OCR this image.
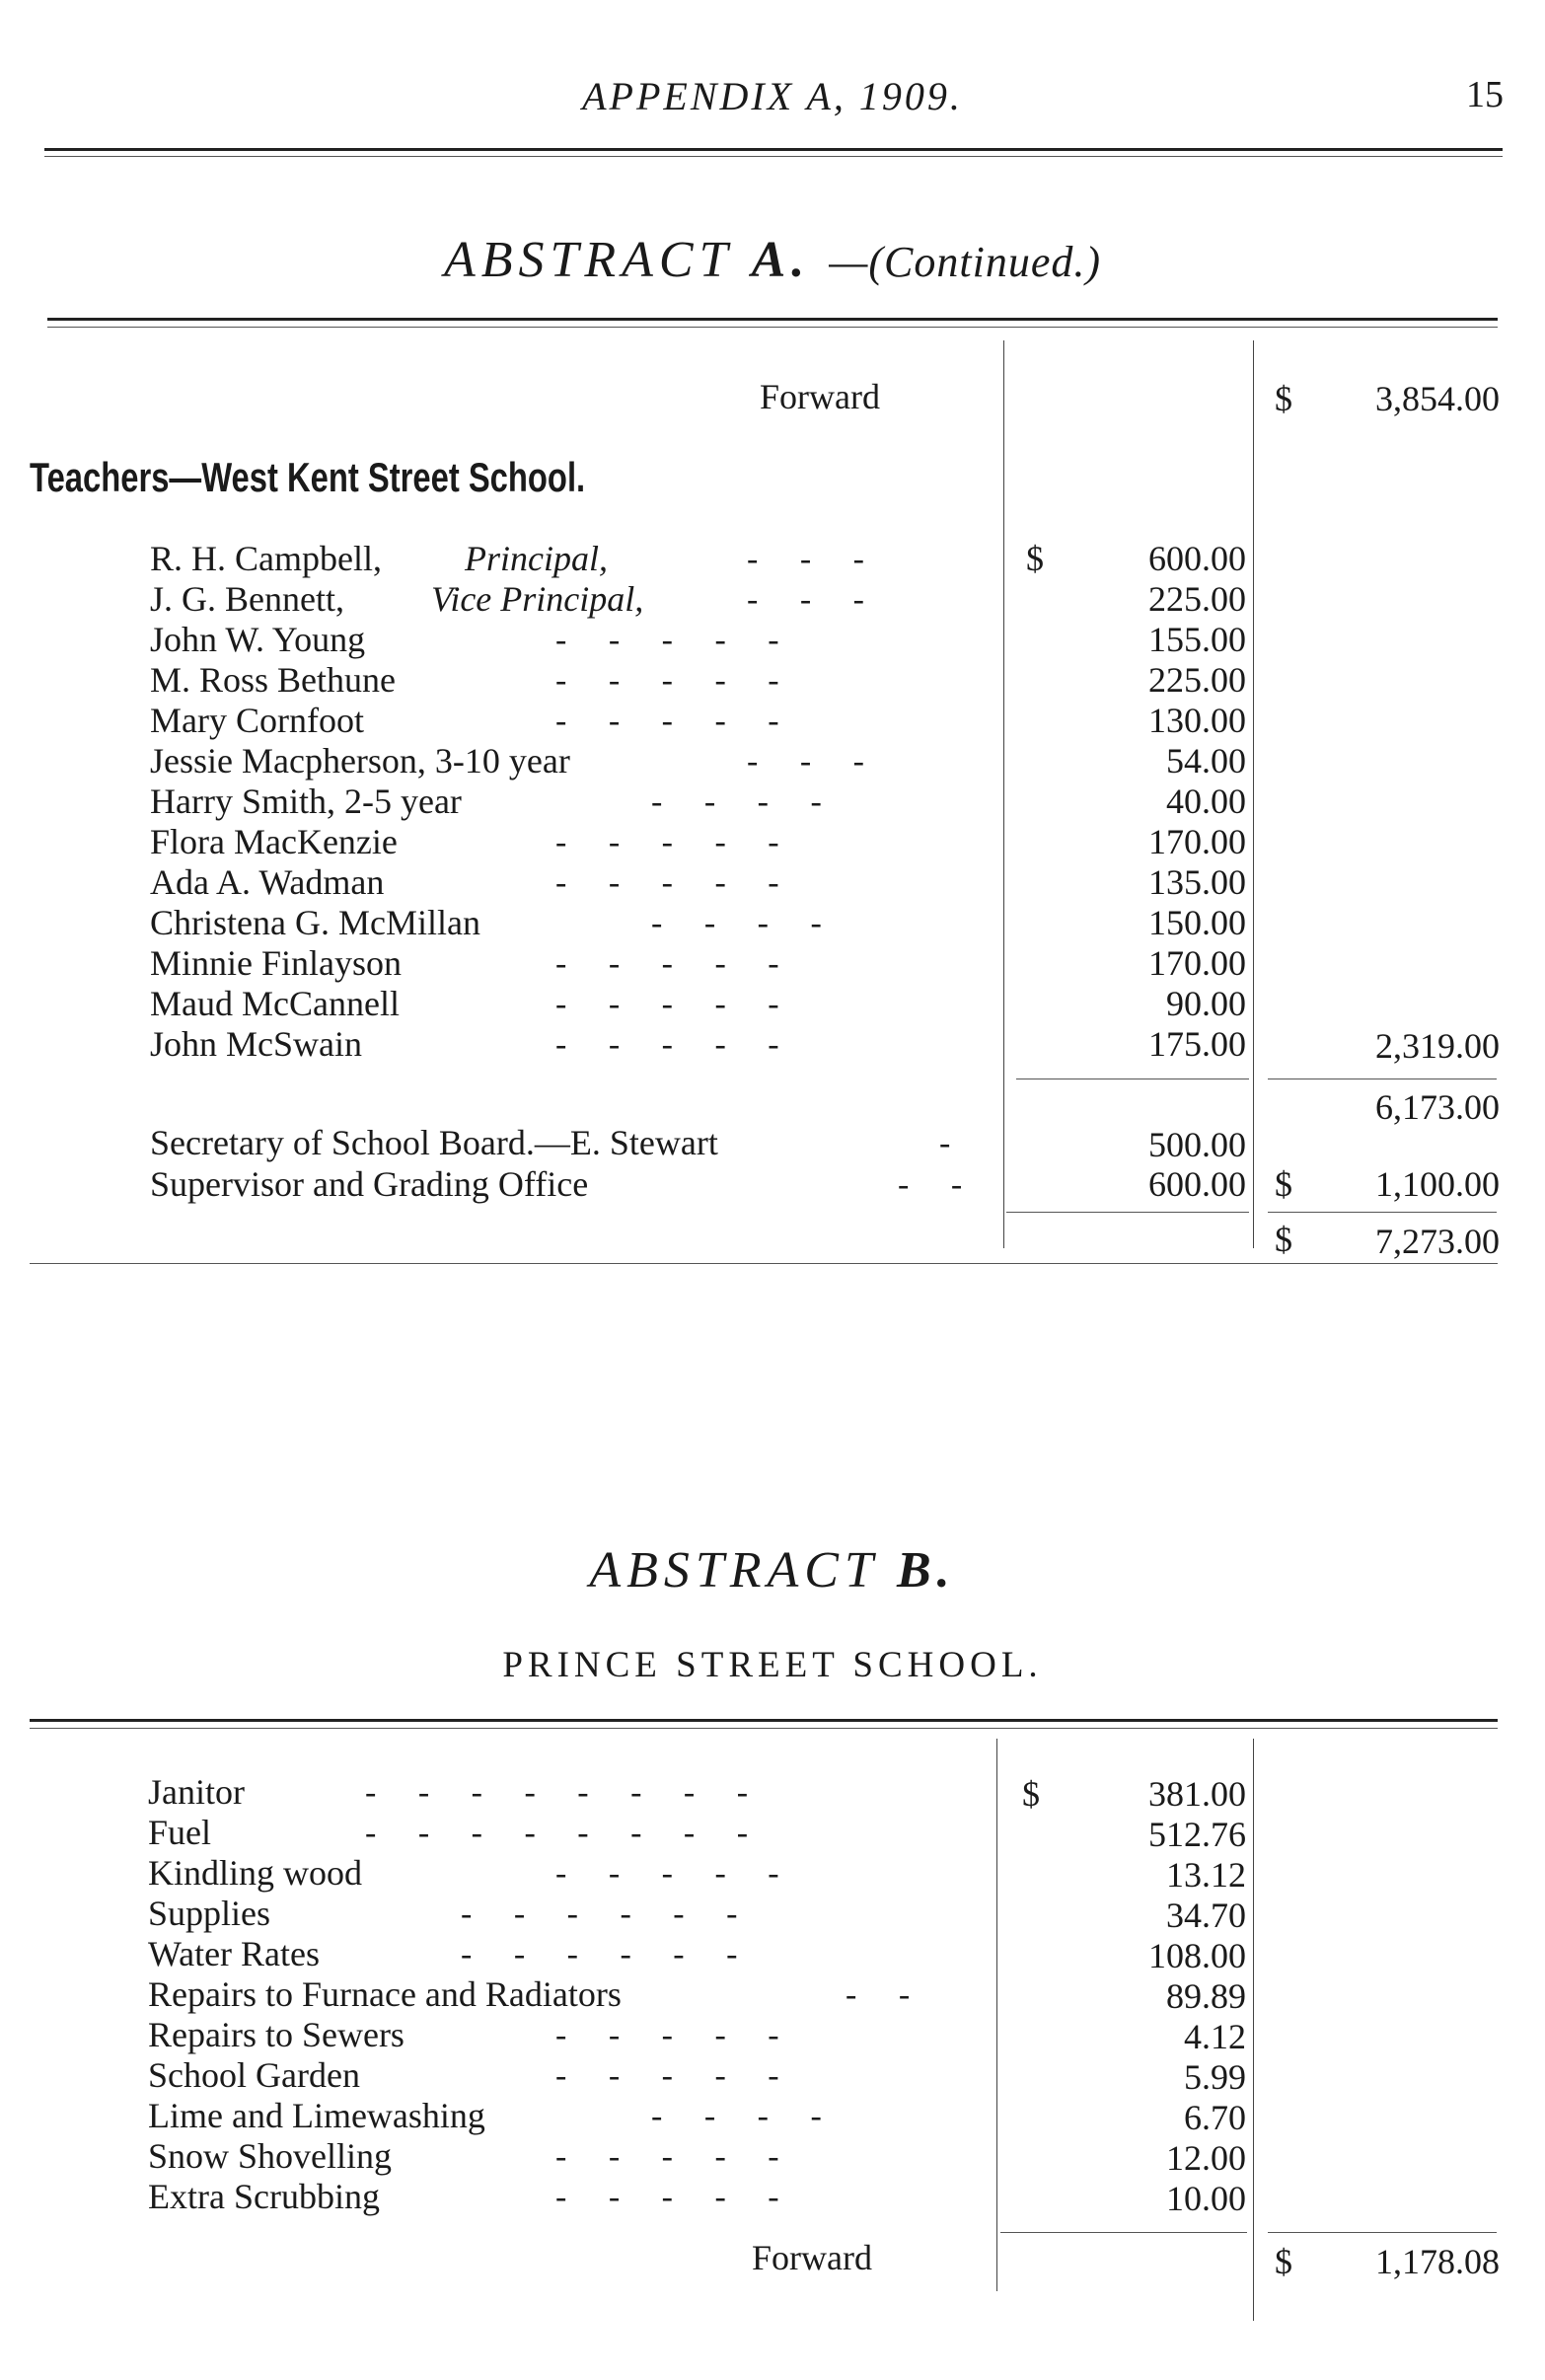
APPENDIX A, 1909.	15
ABSTRACT A. —(Continued.)
Forward	$ 3,854.00
Teachers—West Kent Street School.
R. H. Campbell, Principal,	-     -     -	$	600.00
J. G. Bennett, Vice Principal,	-     -     -	225.00
John W. Young	-     -     -     -     -	155.00
M. Ross Bethune	-     -     -     -     -	225.00
Mary Cornfoot	-     -     -     -     -	130.00
Jessie Macpherson, 3-10 year	-     -     -	54.00
Harry Smith, 2-5 year	-     -     -     -	40.00
Flora MacKenzie	-     -     -     -     -	170.00
Ada A. Wadman	-     -     -     -     -	135.00
Christena G. McMillan	-     -     -     -	150.00
Minnie Finlayson	-     -     -     -     -	170.00
Maud McCannell	-     -     -     -     -	90.00
John McSwain	-     -     -     -     -	175.00	2,319.00
6,173.00
Secretary of School Board.—E. Stewart	-	500.00
Supervisor and Grading Office	-     -	600.00 $ 1,100.00
$ 7,273.00
ABSTRACT B.
PRINCE STREET SCHOOL.
Janitor	-     -     -     -     -     -     -     -	$	381.00
Fuel	-     -     -     -     -     -     -     -	512.76
Kindling wood	-     -     -     -     -	13.12
Supplies	-     -     -     -     -     -	34.70
Water Rates	-     -     -     -     -     -	108.00
Repairs to Furnace and Radiators	-     -	89.89
Repairs to Sewers	-     -     -     -     -	4.12
School Garden	-     -     -     -     -	5.99
Lime and Limewashing	-     -     -     -	6.70
Snow Shovelling	-     -     -     -     -	12.00
Extra Scrubbing	-     -     -     -     -	10.00
Forward	$ 1,178.08
